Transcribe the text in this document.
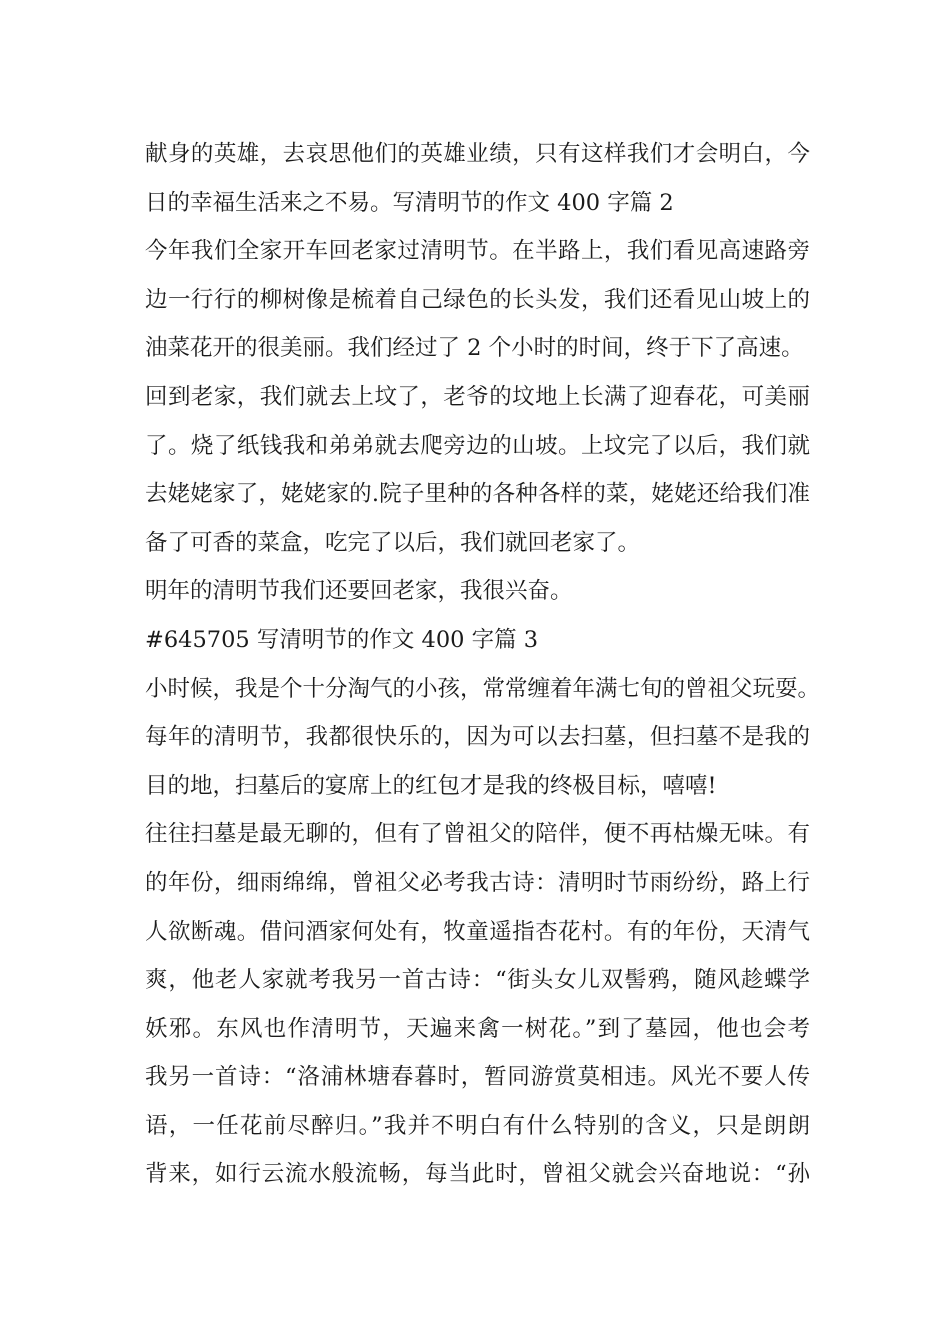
献身的英雄，去哀思他们的英雄业绩，只有这样我们才会明白，今
日的幸福生活来之不易。写清明节的作文 400 字篇 2
今年我们全家开车回老家过清明节。在半路上，我们看见高速路旁
边一行行的柳树像是梳着自己绿色的长头发，我们还看见山坡上的
油菜花开的很美丽。我们经过了 2 个小时的时间，终于下了高速。
回到老家，我们就去上坟了，老爷的坟地上长满了迎春花，可美丽
了。烧了纸钱我和弟弟就去爬旁边的山坡。上坟完了以后，我们就
去姥姥家了，姥姥家的.院子里种的各种各样的菜，姥姥还给我们准
备了可香的菜盒，吃完了以后，我们就回老家了。
明年的清明节我们还要回老家，我很兴奋。
#645705 写清明节的作文 400 字篇 3
小时候，我是个十分淘气的小孩，常常缠着年满七旬的曾祖父玩耍。
每年的清明节，我都很快乐的，因为可以去扫墓，但扫墓不是我的
目的地，扫墓后的宴席上的红包才是我的终极目标，嘻嘻!
往往扫墓是最无聊的，但有了曾祖父的陪伴，便不再枯燥无味。有
的年份，细雨绵绵，曾祖父必考我古诗：清明时节雨纷纷，路上行
人欲断魂。借问酒家何处有，牧童遥指杏花村。有的年份，天清气
爽，他老人家就考我另一首古诗：“街头女儿双髻鸦，随风趁蝶学
妖邪。东风也作清明节，天遍来禽一树花。”到了墓园，他也会考
我另一首诗：“洛浦林塘春暮时，暂同游赏莫相违。风光不要人传
语，一任花前尽醉归。”我并不明白有什么特别的含义，只是朗朗
背来，如行云流水般流畅，每当此时，曾祖父就会兴奋地说：“孙
